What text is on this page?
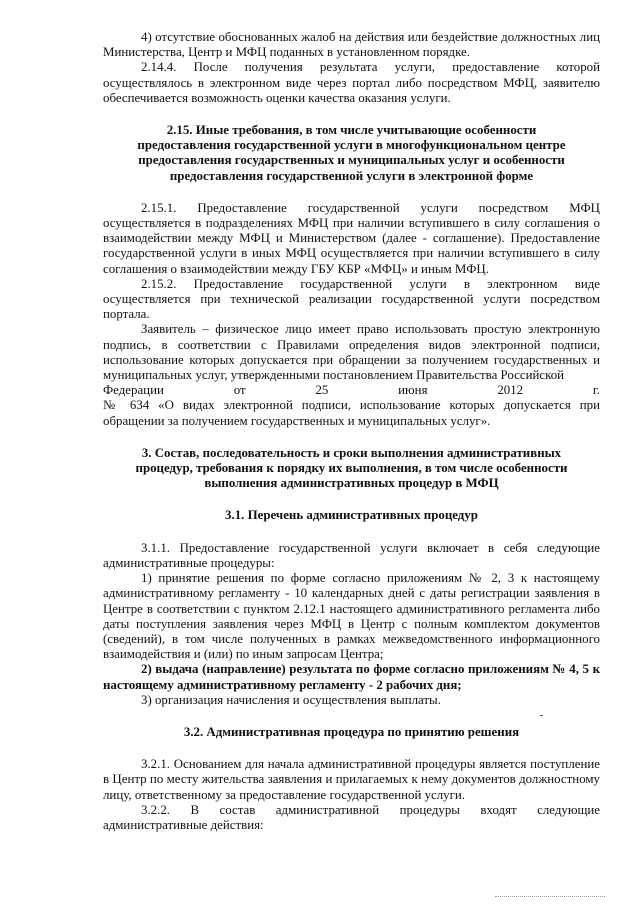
4) отсутствие обоснованных жалоб на действия или бездействие должностных лиц Министерства, Центр и МФЦ поданных в установленном порядке.

2.14.4. После получения результата услуги, предоставление которой осуществлялось в электронном виде через портал либо посредством МФЦ, заявителю обеспечивается возможность оценки качества оказания услуги.

2.15. Иные требования, в том числе учитывающие особенности

предоставления государственной услуги в многофункциональном центре

предоставления государственных и муниципальных услуг и особенности

предоставления государственной услуги в электронной форме

2.15.1. Предоставление государственной услуги посредством МФЦ осуществляется в подразделениях МФЦ при наличии вступившего в силу соглашения о взаимодействии между МФЦ и Министерством (далее - соглашение). Предоставление государственной услуги в иных МФЦ осуществляется при наличии вступившего в силу соглашения о взаимодействии между ГБУ КБР «МФЦ» и иным МФЦ.

2.15.2. Предоставление государственной услуги в электронном виде осуществляется при технической реализации государственной услуги посредством портала.

Заявитель – физическое лицо имеет право использовать простую электронную подпись, в соответствии с Правилами определения видов электронной подписи, использование которых допускается при обращении за получением государственных и муниципальных услуг, утвержденными постановлением Правительства Российской

Федерации	от	25	июня	2012	г.

№ 634 «О видах электронной подписи, использование которых допускается при обращении за получением государственных и муниципальных услуг».

3. Состав, последовательность и сроки выполнения административных

процедур, требования к порядку их выполнения, в том числе особенности

выполнения административных процедур в МФЦ

3.1. Перечень административных процедур

3.1.1. Предоставление государственной услуги включает в себя следующие административные процедуры:

1) принятие решения по форме согласно приложениям № 2, 3 к настоящему административному регламенту - 10 календарных дней с даты регистрации заявления в Центре в соответствии с пунктом 2.12.1 настоящего административного регламента либо даты поступления заявления через МФЦ в Центр с полным комплектом документов (сведений), в том числе полученных в рамках межведомственного информационного взаимодействия и (или) по иным запросам Центра;

2) выдача (направление) результата по форме согласно приложениям № 4, 5 к настоящему административному регламенту - 2 рабочих дня;

3) организация начисления и осуществления выплаты.

3.2. Административная процедура по принятию решения

3.2.1. Основанием для начала административной процедуры является поступление в Центр по месту жительства заявления и прилагаемых к нему документов должностному лицу, ответственному за предоставление государственной услуги.

3.2.2. В состав административной процедуры входят следующие административные действия:
